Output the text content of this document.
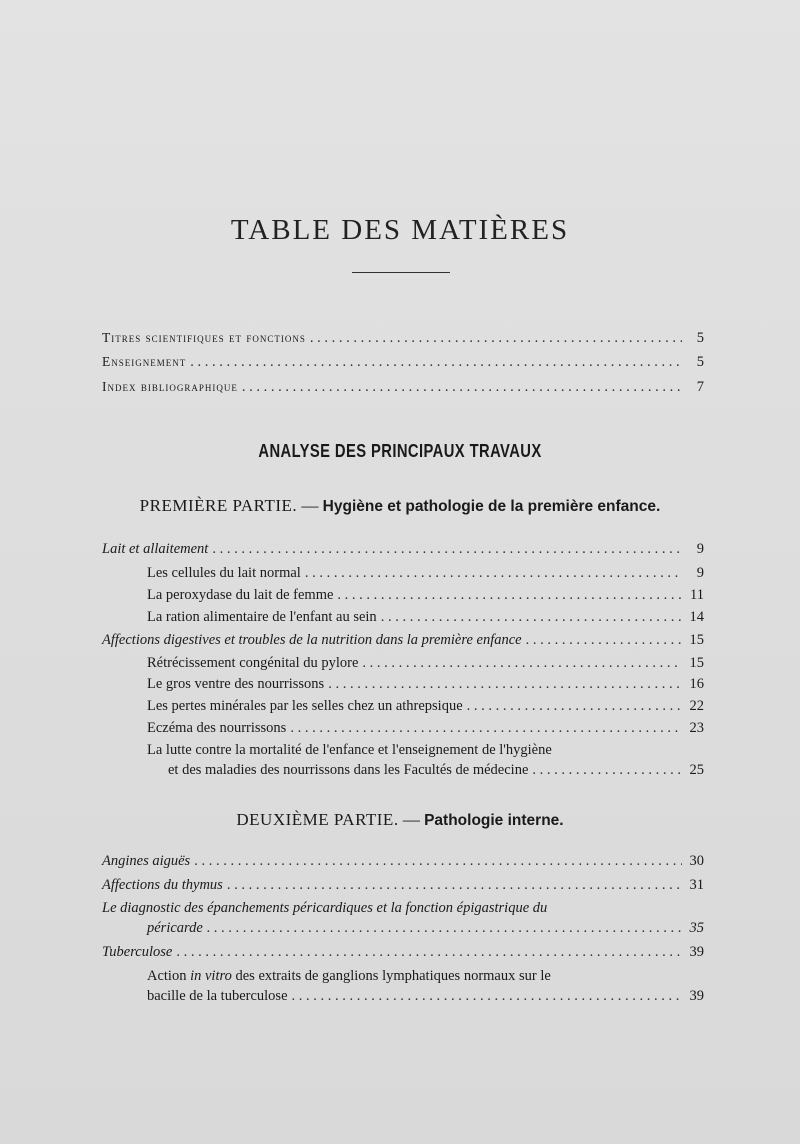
TABLE DES MATIÈRES
Titres scientifiques et fonctions . . .	5
Enseignement . . .	5
Index bibliographique . . .	7
ANALYSE DES PRINCIPAUX TRAVAUX
PREMIÈRE PARTIE. — Hygiène et pathologie de la première enfance.
Lait et allaitement . . .	9
Les cellules du lait normal . . .	9
La peroxydase du lait de femme . . .	11
La ration alimentaire de l'enfant au sein . . .	14
Affections digestives et troubles de la nutrition dans la première enfance . . .	15
Rétrécissement congénital du pylore . . .	15
Le gros ventre des nourrissons . . .	16
Les pertes minérales par les selles chez un athrepsique . . .	22
Eczéma des nourrissons . . .	23
La lutte contre la mortalité de l'enfance et l'enseignement de l'hygiène
et des maladies des nourrissons dans les Facultés de médecine . . .	25
DEUXIÈME PARTIE. — Pathologie interne.
Angines aiguës . . .	30
Affections du thymus . . .	31
Le diagnostic des épanchements péricardiques et la fonction épigastrique du
péricarde . . .	35
Tuberculose . . .	39
Action in vitro des extraits de ganglions lymphatiques normaux sur le
bacille de la tuberculose . . .	39
